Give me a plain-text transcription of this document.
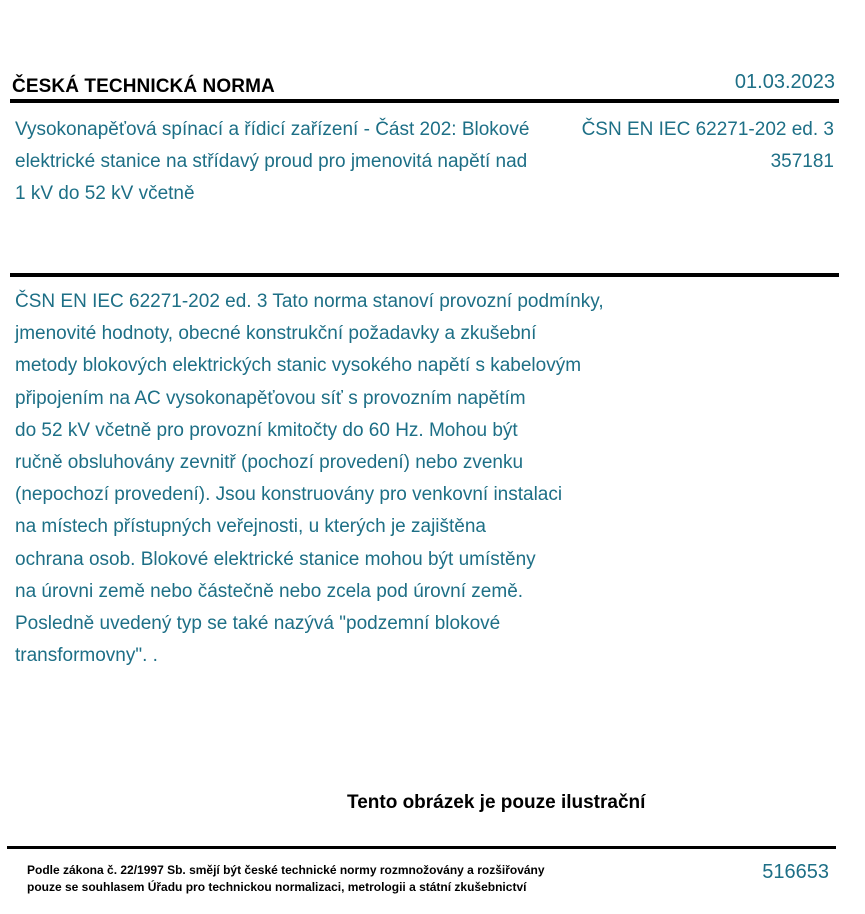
ČESKÁ TECHNICKÁ NORMA	01.03.2023
Vysokonapěťová spínací a řídicí zařízení - Část 202: Blokové elektrické stanice na střídavý proud pro jmenovitá napětí nad 1 kV do 52 kV včetně
ČSN EN IEC 62271-202 ed. 3
357181
ČSN EN IEC 62271-202 ed. 3 Tato norma stanoví provozní podmínky,
jmenovité hodnoty, obecné konstrukční požadavky a zkušební
metody blokových elektrických stanic vysokého napětí s kabelovým
připojením na AC vysokonapěťovou síť s provozním napětím
do 52 kV včetně pro provozní kmitočty do 60 Hz. Mohou být
ručně obsluhovány zevnitř (pochozí provedení) nebo zvenku
(nepochozí provedení). Jsou konstruovány pro venkovní instalaci
na místech přístupných veřejnosti, u kterých je zajištěna
ochrana osob. Blokové elektrické stanice mohou být umístěny
na úrovni země nebo částečně nebo zcela pod úrovní země.
Posledně uvedený typ se také nazývá "podzemní blokové
transformovny". .
Tento obrázek je pouze ilustrační
Podle zákona č. 22/1997 Sb. smějí být české technické normy rozmnožovány a rozšiřovány
pouze se souhlasem Úřadu pro technickou normalizaci, metrologii a státní zkušebnictví
516653
